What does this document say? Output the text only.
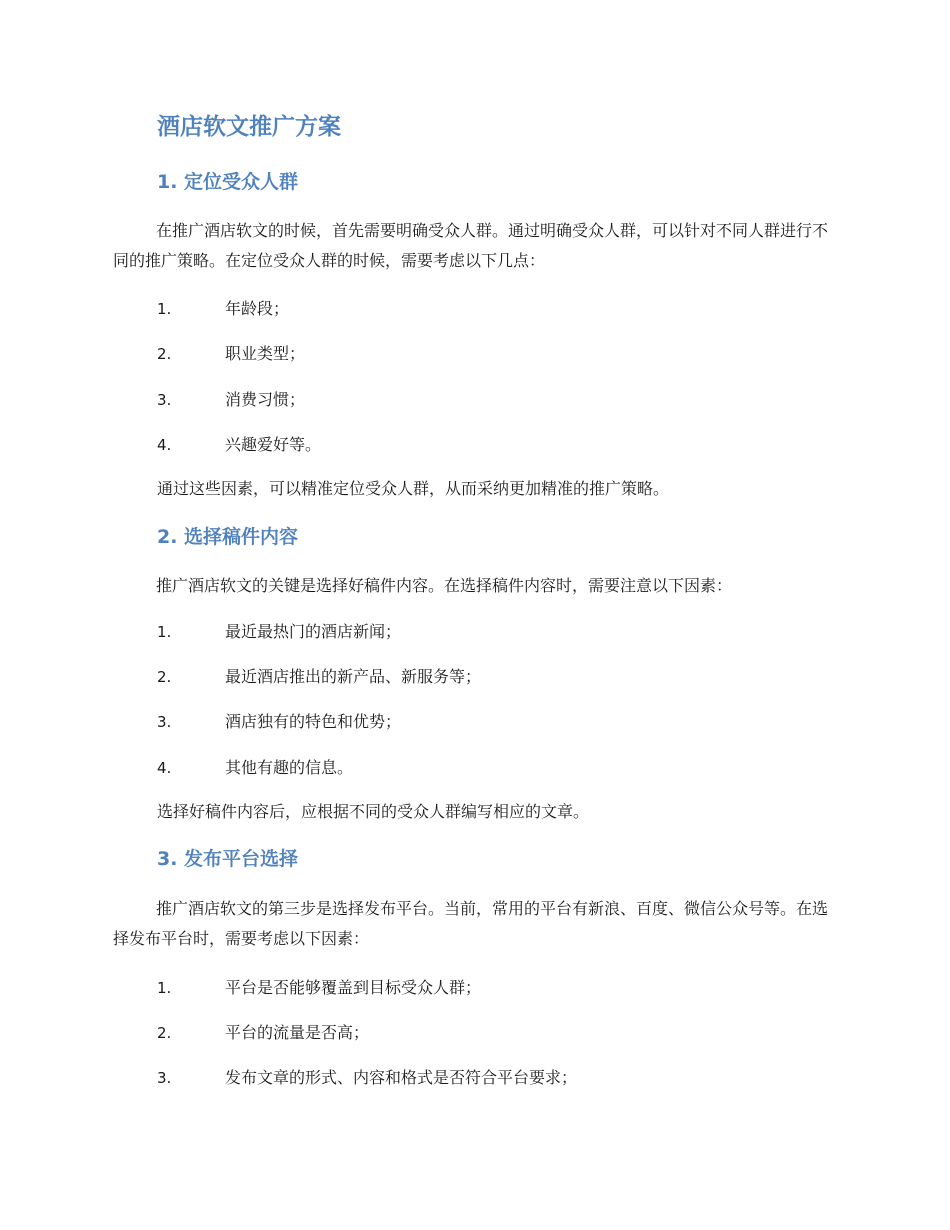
酒店软文推广方案
1. 定位受众人群

在推广酒店软文的时候，首先需要明确受众人群。通过明确受众人群，可以针对不同人群进行不同的推广策略。在定位受众人群的时候，需要考虑以下几点：

1.	年龄段；
2.	职业类型；
3.	消费习惯；
4.	兴趣爱好等。

通过这些因素，可以精准定位受众人群，从而采纳更加精准的推广策略。

2. 选择稿件内容

推广酒店软文的关键是选择好稿件内容。在选择稿件内容时，需要注意以下因素：

1.	最近最热门的酒店新闻；
2.	最近酒店推出的新产品、新服务等；
3.	酒店独有的特色和优势；
4.	其他有趣的信息。

选择好稿件内容后，应根据不同的受众人群编写相应的文章。

3. 发布平台选择

推广酒店软文的第三步是选择发布平台。当前，常用的平台有新浪、百度、微信公众号等。在选择发布平台时，需要考虑以下因素：

1.	平台是否能够覆盖到目标受众人群；
2.	平台的流量是否高；
3.	发布文章的形式、内容和格式是否符合平台要求；
